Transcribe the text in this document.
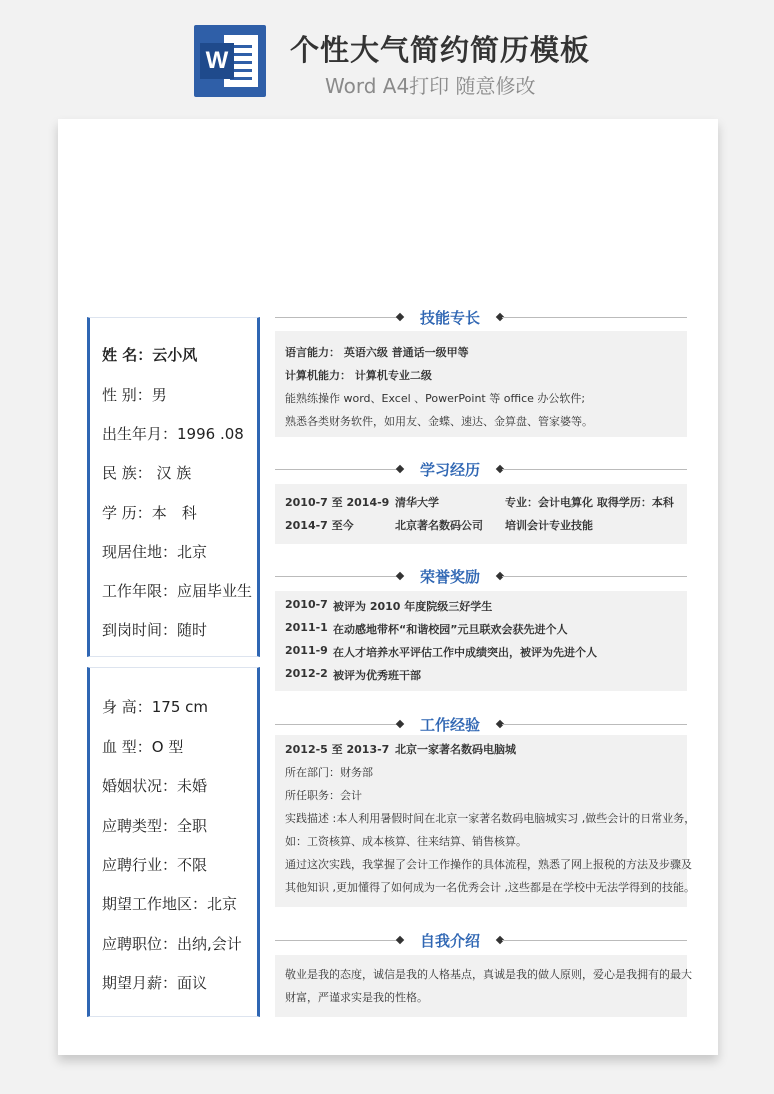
W 个性大气简约简历模板
Word A4打印 随意修改
姓 名：云小风
性 别：男
出生年月：1996 .08
民 族： 汉 族
学 历：本　科
现居住地：北京
工作年限：应届毕业生
到岗时间：随时
身 高：175 cm
血 型：O 型
婚姻状况：未婚
应聘类型：全职
应聘行业：不限
期望工作地区：北京
应聘职位：出纳,会计
期望月薪：面议
技能专长
语言能力： 英语六级 普通话一级甲等
计算机能力： 计算机专业二级
能熟练操作 word、Excel 、PowerPoint 等 office 办公软件;
熟悉各类财务软件，如用友、金蝶、速达、金算盘、管家婆等。
学习经历
2010-7 至 2014-9 清华大学	专业：会计电算化 取得学历：本科
2014-7 至今	北京著名数码公司 培训会计专业技能
荣誉奖励
2010-7 被评为 2010 年度院级三好学生
2011-1 在动感地带杯“和谐校园”元旦联欢会获先进个人
2011-9 在人才培养水平评估工作中成绩突出，被评为先进个人
2012-2 被评为优秀班干部
工作经验
2012-5 至 2013-7 北京一家著名数码电脑城
所在部门：财务部
所任职务：会计
实践描述 :本人利用暑假时间在北京一家著名数码电脑城实习 ,做些会计的日常业务，
如：工资核算、成本核算、往来结算、销售核算。
通过这次实践，我掌握了会计工作操作的具体流程，熟悉了网上报税的方法及步骤及
其他知识 ,更加懂得了如何成为一名优秀会计 ,这些都是在学校中无法学得到的技能。
自我介绍
敬业是我的态度，诚信是我的人格基点，真诚是我的做人原则，爱心是我拥有的最大
财富，严谨求实是我的性格。
